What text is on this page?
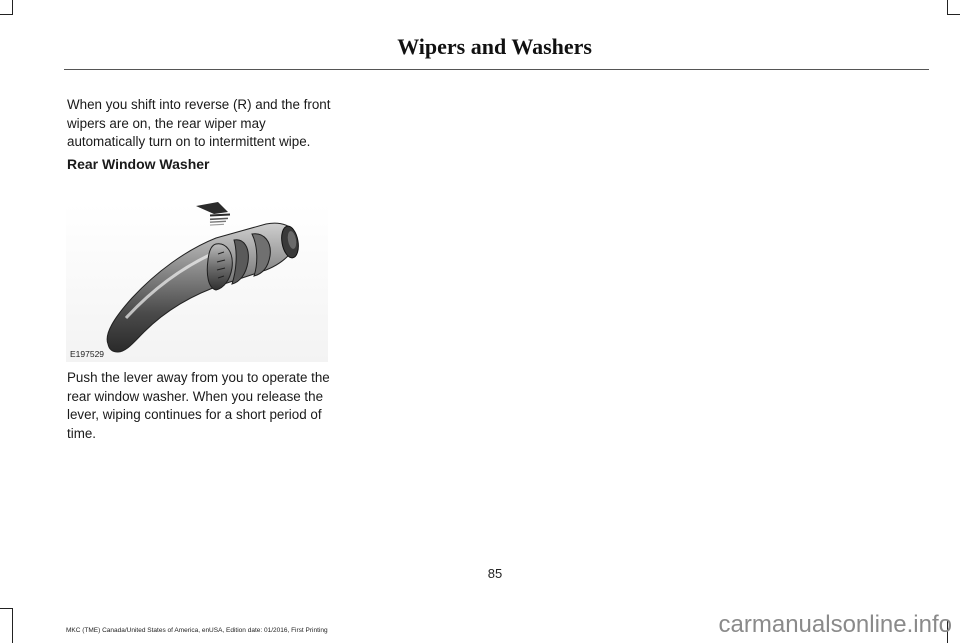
Wipers and Washers

When you shift into reverse (R) and the front wipers are on, the rear wiper may automatically turn on to intermittent wipe.

Rear Window Washer
E197529

Push the lever away from you to operate the rear window washer. When you release the lever, wiping continues for a short period of time.

85
MKC (TME) Canada/United States of America, enUSA, Edition date: 01/2016, First Printing	carmanualsonline.info
